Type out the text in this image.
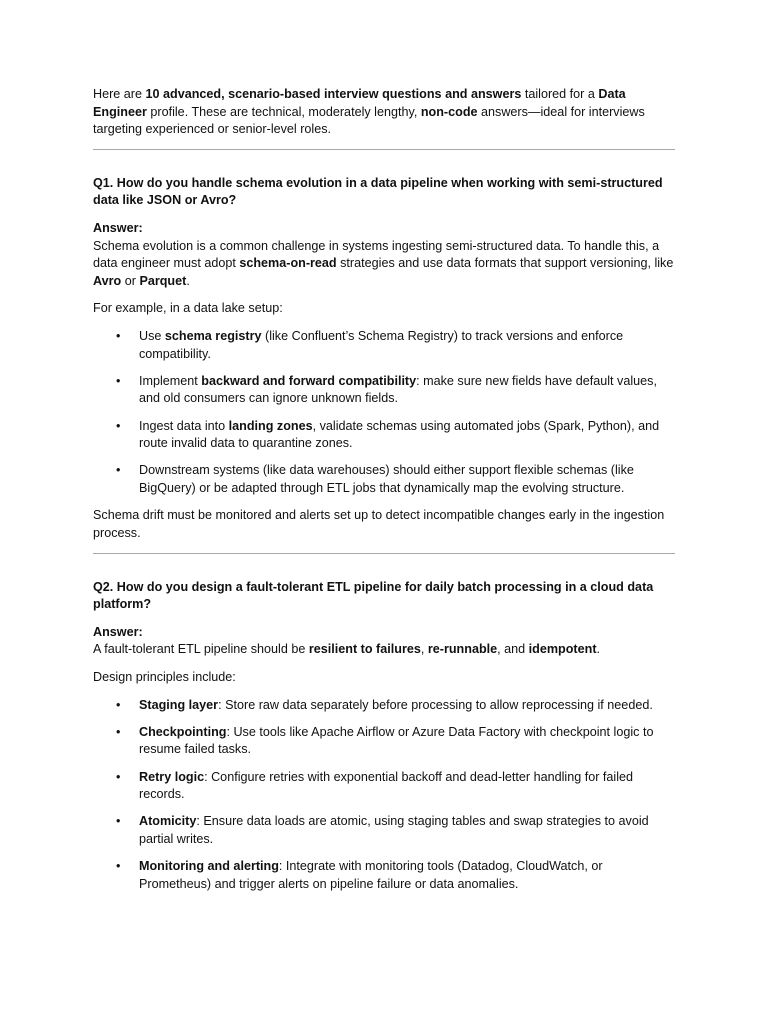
Here are 10 advanced, scenario-based interview questions and answers tailored for a Data Engineer profile. These are technical, moderately lengthy, non-code answers—ideal for interviews targeting experienced or senior-level roles.

Q1. How do you handle schema evolution in a data pipeline when working with semi-structured data like JSON or Avro?

Answer:

Schema evolution is a common challenge in systems ingesting semi-structured data. To handle this, a data engineer must adopt schema-on-read strategies and use data formats that support versioning, like Avro or Parquet.

For example, in a data lake setup:

• Use schema registry (like Confluent’s Schema Registry) to track versions and enforce compatibility.
• Implement backward and forward compatibility: make sure new fields have default values, and old consumers can ignore unknown fields.
• Ingest data into landing zones, validate schemas using automated jobs (Spark, Python), and route invalid data to quarantine zones.
• Downstream systems (like data warehouses) should either support flexible schemas (like BigQuery) or be adapted through ETL jobs that dynamically map the evolving structure.

Schema drift must be monitored and alerts set up to detect incompatible changes early in the ingestion process.

Q2. How do you design a fault-tolerant ETL pipeline for daily batch processing in a cloud data platform?

Answer:

A fault-tolerant ETL pipeline should be resilient to failures, re-runnable, and idempotent.

Design principles include:

• Staging layer: Store raw data separately before processing to allow reprocessing if needed.
• Checkpointing: Use tools like Apache Airflow or Azure Data Factory with checkpoint logic to resume failed tasks.
• Retry logic: Configure retries with exponential backoff and dead-letter handling for failed records.
• Atomicity: Ensure data loads are atomic, using staging tables and swap strategies to avoid partial writes.
• Monitoring and alerting: Integrate with monitoring tools (Datadog, CloudWatch, or Prometheus) and trigger alerts on pipeline failure or data anomalies.
